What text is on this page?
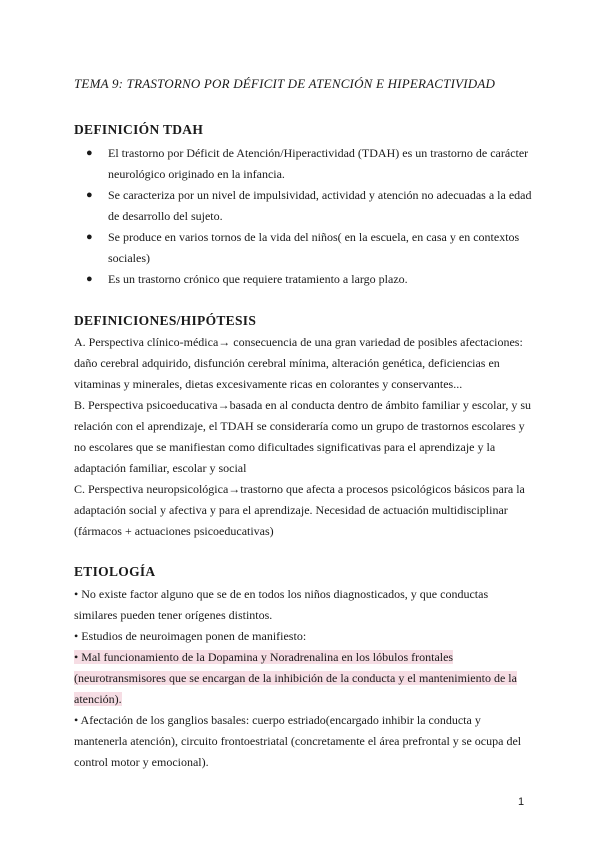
TEMA 9: TRASTORNO POR DÉFICIT DE ATENCIÓN E HIPERACTIVIDAD
DEFINICIÓN TDAH
● El trastorno por Déficit de Atención/Hiperactividad (TDAH) es un trastorno de carácter neurológico originado en la infancia.
● Se caracteriza por un nivel de impulsividad, actividad y atención no adecuadas a la edad de desarrollo del sujeto.
● Se produce en varios tornos de la vida del niños( en la escuela, en casa y en contextos sociales)
● Es un trastorno crónico que requiere tratamiento a largo plazo.
DEFINICIONES/HIPÓTESIS
A. Perspectiva clínico-médica→ consecuencia de una gran variedad de posibles afectaciones: daño cerebral adquirido, disfunción cerebral mínima, alteración genética, deficiencias en vitaminas y minerales, dietas excesivamente ricas en colorantes y conservantes...
B. Perspectiva psicoeducativa→basada en al conducta dentro de ámbito familiar y escolar, y su relación con el aprendizaje, el TDAH se consideraría como un grupo de trastornos escolares y no escolares que se manifiestan como dificultades significativas para el aprendizaje y la adaptación familiar, escolar y social
C. Perspectiva neuropsicológica→trastorno que afecta a procesos psicológicos básicos para la adaptación social y afectiva y para el aprendizaje. Necesidad de actuación multidisciplinar (fármacos + actuaciones psicoeducativas)
ETIOLOGÍA
• No existe factor alguno que se de en todos los niños diagnosticados, y que conductas similares pueden tener orígenes distintos.
• Estudios de neuroimagen ponen de manifiesto:
• Mal funcionamiento de la Dopamina y Noradrenalina en los lóbulos frontales (neurotransmisores que se encargan de la inhibición de la conducta y el mantenimiento de la atención).
• Afectación de los ganglios basales: cuerpo estriado(encargado inhibir la conducta y mantenerla atención), circuito frontoestriatal (concretamente el área prefrontal y se ocupa del control motor y emocional).
1
